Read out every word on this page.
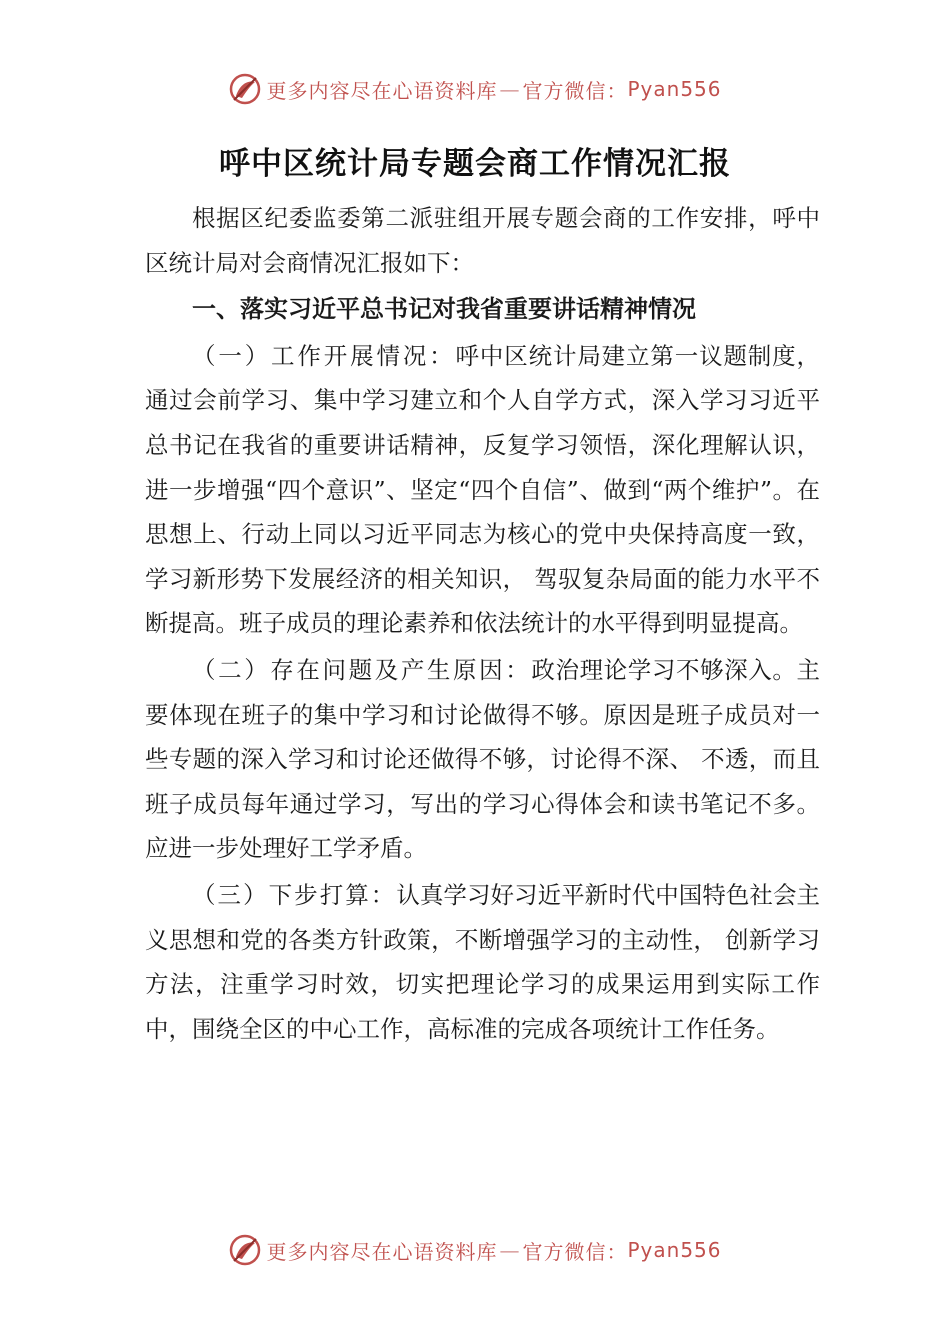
更多内容尽在心语资料库 — 官方微信： Pyan556
呼中区统计局专题会商工作情况汇报

根据区纪委监委第二派驻组开展专题会商的工作安排，呼中区统计局对会商情况汇报如下：

一、落实习近平总书记对我省重要讲话精神情况

（一）工作开展情况：呼中区统计局建立第一议题制度，通过会前学习、集中学习建立和个人自学方式，深入学习习近平总书记在我省的重要讲话精神，反复学习领悟，深化理解认识，进一步增强“四个意识”、坚定“四个自信”、做到“两个维护”。在思想上、行动上同以习近平同志为核心的党中央保持高度一致，学习新形势下发展经济的相关知识， 驾驭复杂局面的能力水平不断提高。班子成员的理论素养和依法统计的水平得到明显提高。

（二）存在问题及产生原因：政治理论学习不够深入。主要体现在班子的集中学习和讨论做得不够。原因是班子成员对一些专题的深入学习和讨论还做得不够，讨论得不深、 不透，而且班子成员每年通过学习，写出的学习心得体会和读书笔记不多。应进一步处理好工学矛盾。

（三）下步打算：认真学习好习近平新时代中国特色社会主义思想和党的各类方针政策，不断增强学习的主动性， 创新学习方法，注重学习时效，切实把理论学习的成果运用到实际工作中，围绕全区的中心工作，高标准的完成各项统计工作任务。

更多内容尽在心语资料库 — 官方微信： Pyan556
